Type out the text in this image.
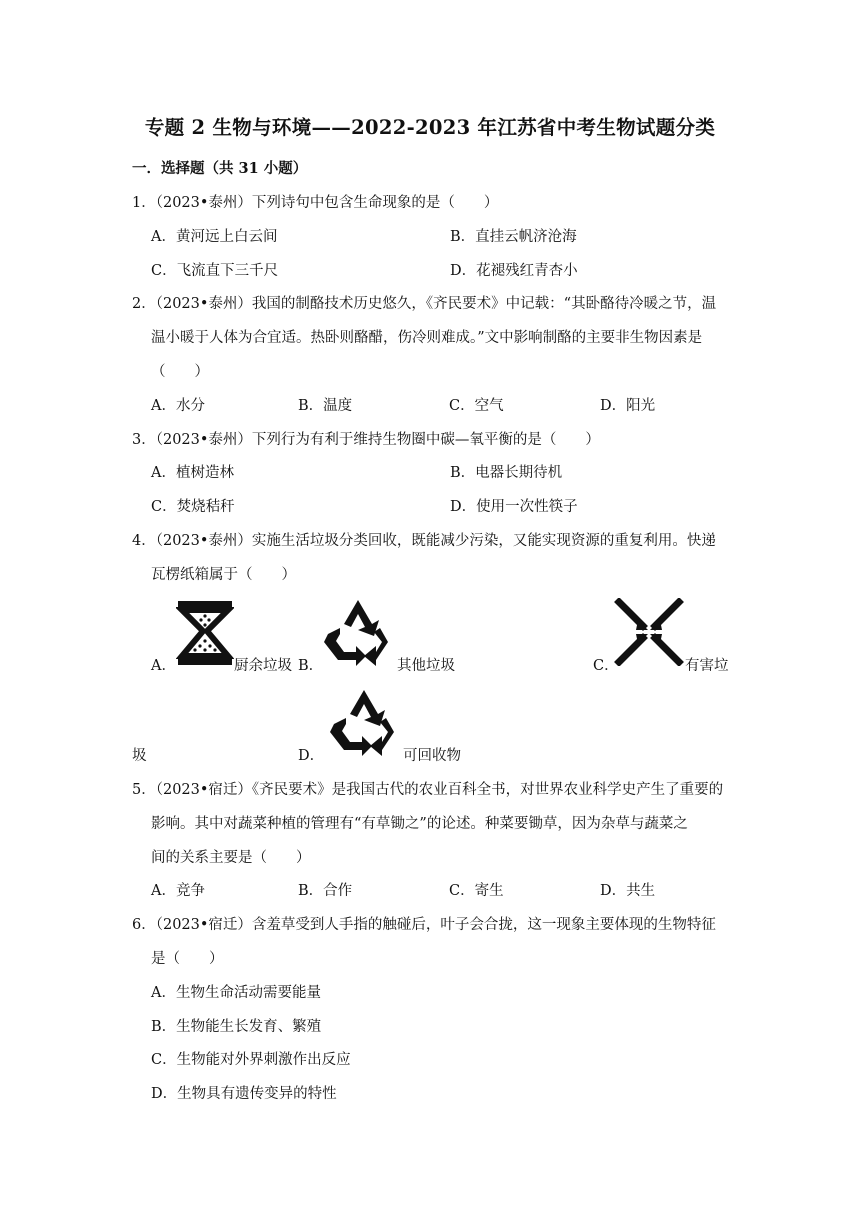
专题 2 生物与环境——2022-2023 年江苏省中考生物试题分类
一．选择题（共 31 小题）
1．（2023•泰州）下列诗句中包含生命现象的是（　　）
A．黄河远上白云间	B．直挂云帆济沧海
C．飞流直下三千尺	D．花褪残红青杏小
2．（2023•泰州）我国的制酪技术历史悠久，《齐民要术》中记载：“其卧酪待冷暖之节，温
温小暖于人体为合宜适。热卧则酪醋，伤冷则难成。”文中影响制酪的主要非生物因素是
（　　）
A．水分	B．温度	C．空气	D．阳光
3．（2023•泰州）下列行为有利于维持生物圈中碳—氧平衡的是（　　）
A．植树造林	B．电器长期待机
C．焚烧秸秆	D．使用一次性筷子
4．（2023•泰州）实施生活垃圾分类回收，既能减少污染，又能实现资源的重复利用。快递
瓦楞纸箱属于（　　）
A．	厨余垃圾 B．	其他垃圾	C．	有害垃
圾	D．	可回收物
5．（2023•宿迁）《齐民要术》是我国古代的农业百科全书，对世界农业科学史产生了重要的
影响。其中对蔬菜种植的管理有“有草锄之”的论述。种菜要锄草，因为杂草与蔬菜之
间的关系主要是（　　）
A．竞争	B．合作	C．寄生	D．共生
6．（2023•宿迁）含羞草受到人手指的触碰后，叶子会合拢，这一现象主要体现的生物特征
是（　　）
A．生物生命活动需要能量
B．生物能生长发育、繁殖
C．生物能对外界刺激作出反应
D．生物具有遗传变异的特性
